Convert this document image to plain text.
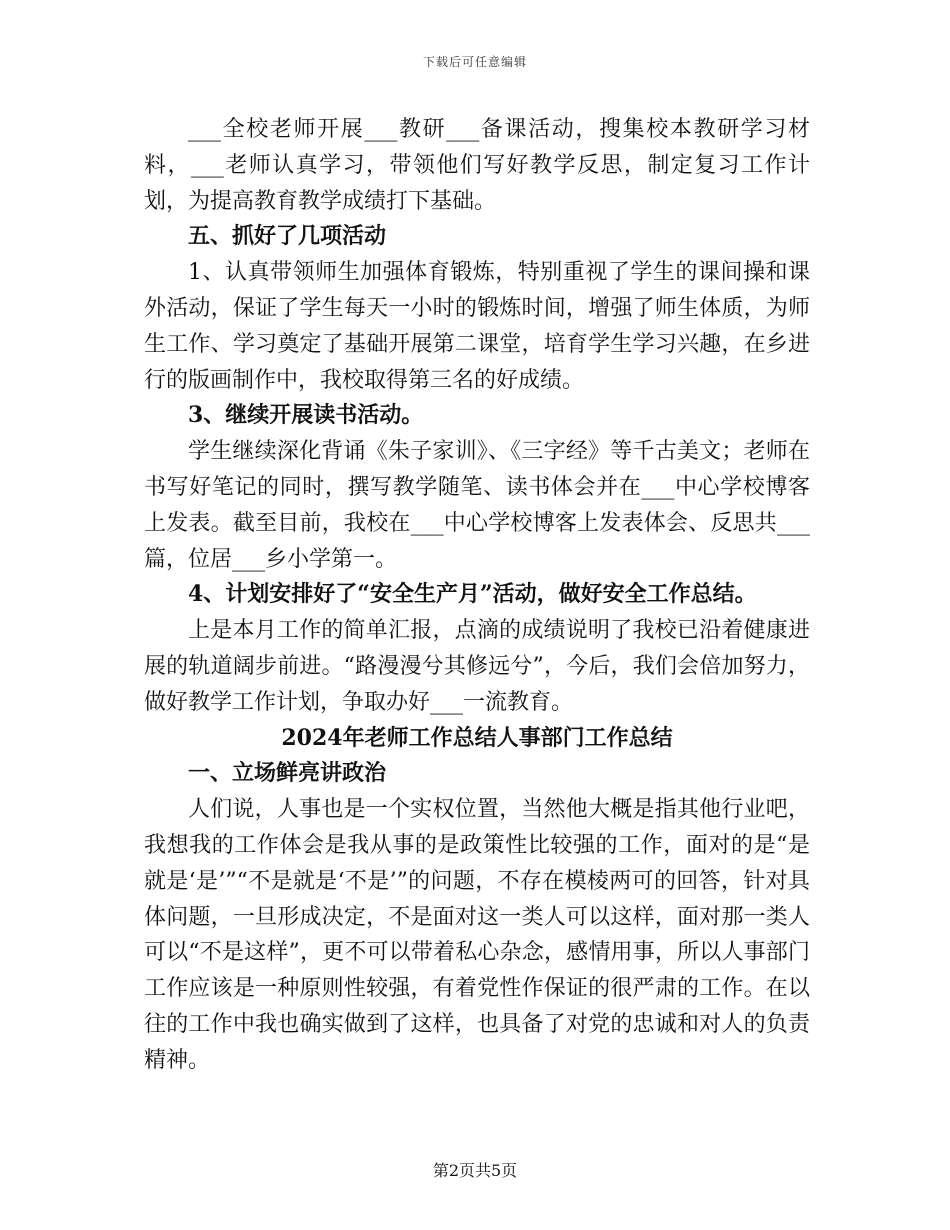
下载后可任意编辑

___全校老师开展___教研___备课活动，搜集校本教研学习材料，___老师认真学习，带领他们写好教学反思，制定复习工作计划，为提高教育教学成绩打下基础。

五、抓好了几项活动

1、认真带领师生加强体育锻炼，特别重视了学生的课间操和课外活动，保证了学生每天一小时的锻炼时间，增强了师生体质，为师生工作、学习奠定了基础开展第二课堂，培育学生学习兴趣，在乡进行的版画制作中，我校取得第三名的好成绩。

3、继续开展读书活动。

学生继续深化背诵《朱子家训》、《三字经》等千古美文；老师在书写好笔记的同时，撰写教学随笔、读书体会并在___中心学校博客上发表。截至目前，我校在___中心学校博客上发表体会、反思共___篇，位居___乡小学第一。

4、计划安排好了“安全生产月”活动，做好安全工作总结。

上是本月工作的简单汇报，点滴的成绩说明了我校已沿着健康进展的轨道阔步前进。“路漫漫兮其修远兮”，今后，我们会倍加努力，做好教学工作计划，争取办好___一流教育。

2024年老师工作总结人事部门工作总结

一、立场鲜亮讲政治

人们说，人事也是一个实权位置，当然他大概是指其他行业吧，我想我的工作体会是我从事的是政策性比较强的工作，面对的是“是就是‘是’”“不是就是‘不是’”的问题，不存在模棱两可的回答，针对具体问题，一旦形成决定，不是面对这一类人可以这样，面对那一类人可以“不是这样”，更不可以带着私心杂念，感情用事，所以人事部门工作应该是一种原则性较强，有着党性作保证的很严肃的工作。在以往的工作中我也确实做到了这样，也具备了对党的忠诚和对人的负责精神。

第2页共5页
